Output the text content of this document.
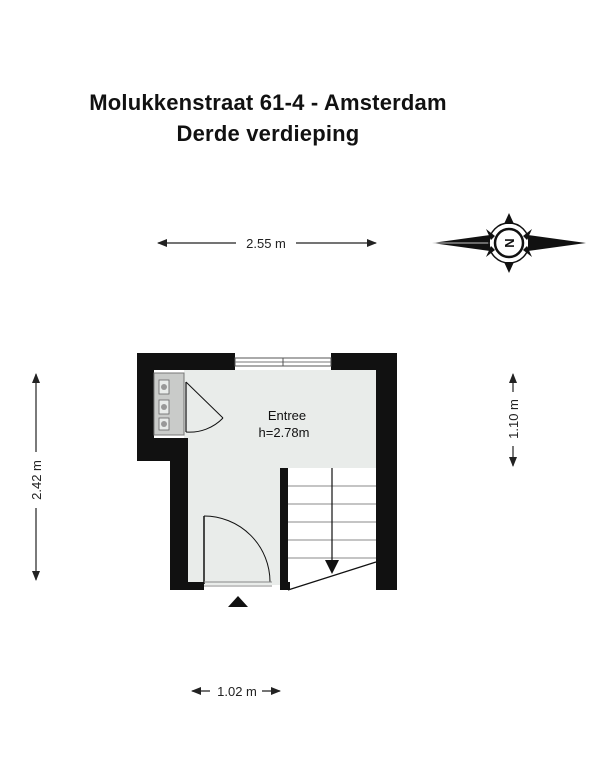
Molukkenstraat 61-4 - Amsterdam
Derde verdieping
2.55 m
2.42 m
1.10 m
1.02 m
N
Entree
h=2.78m
